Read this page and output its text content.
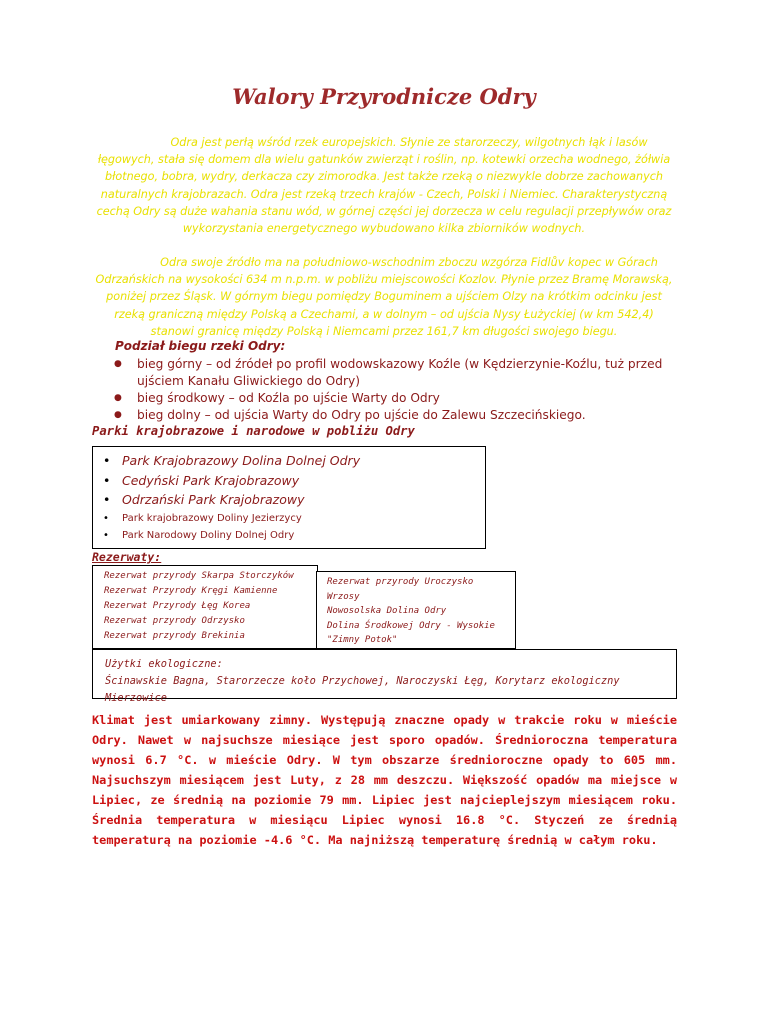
Walory Przyrodnicze Odry

Odra jest perłą wśród rzek europejskich. Słynie ze starorzeczy, wilgotnych łąk i lasów łęgowych, stała się domem dla wielu gatunków zwierząt i roślin, np. kotewki orzecha wodnego, żółwia błotnego, bobra, wydry, derkacza czy zimorodka. Jest także rzeką o niezwykle dobrze zachowanych naturalnych krajobrazach. Odra jest rzeką trzech krajów - Czech, Polski i Niemiec. Charakterystyczną cechą Odry są duże wahania stanu wód, w górnej części jej dorzecza w celu regulacji przepływów oraz wykorzystania energetycznego wybudowano kilka zbiorników wodnych.

Odra swoje źródło ma na południowo-wschodnim zboczu wzgórza Fidlův kopec w Górach Odrzańskich na wysokości 634 m n.p.m. w pobliżu miejscowości Kozlov. Płynie przez Bramę Morawską, poniżej przez Śląsk. W górnym biegu pomiędzy Boguminem a ujściem Olzy na krótkim odcinku jest rzeką graniczną między Polską a Czechami, a w dolnym – od ujścia Nysy Łużyckiej (w km 542,4) stanowi granicę między Polską i Niemcami przez 161,7 km długości swojego biegu.

Podział biegu rzeki Odry:
● bieg górny – od źródeł po profil wodowskazowy Koźle (w Kędzierzynie-Koźlu, tuż przed ujściem Kanału Gliwickiego do Odry)
● bieg środkowy – od Koźla po ujście Warty do Odry
● bieg dolny – od ujścia Warty do Odry po ujście do Zalewu Szczecińskiego.
Parki krajobrazowe i narodowe w pobliżu Odry
• Park Krajobrazowy Dolina Dolnej Odry
• Cedyński Park Krajobrazowy
• Odrzański Park Krajobrazowy
• Park krajobrazowy Doliny Jezierzycy
• Park Narodowy Doliny Dolnej Odry
Rezerwaty:
Rezerwat przyrody Skarpa Storczyków
Rezerwat Przyrody Kręgi Kamienne
Rezerwat Przyrody Łęg Korea
Rezerwat przyrody Odrzysko
Rezerwat przyrody Brekinia
Rezerwat przyrody Uroczysko Wrzosy
Nowosolska Dolina Odry
Dolina Środkowej Odry - Wysokie "Zimny Potok"
Użytki ekologiczne:
Ścinawskie Bagna, Starorzecze koło Przychowej, Naroczyski Łęg, Korytarz ekologiczny Mierzowice

Klimat jest umiarkowany zimny. Występują znaczne opady w trakcie roku w mieście Odry. Nawet w najsuchsze miesiące jest sporo opadów. Średnioroczna temperatura wynosi 6.7 °C. w mieście Odry. W tym obszarze średnioroczne opady to 605 mm. Najsuchszym miesiącem jest Luty, z 28 mm deszczu. Większość opadów ma miejsce w Lipiec, ze średnią na poziomie 79 mm. Lipiec jest najcieplejszym miesiącem roku. Średnia temperatura w miesiącu Lipiec wynosi 16.8 °C. Styczeń ze średnią temperaturą na poziomie -4.6 °C. Ma najniższą temperaturę średnią w całym roku.
